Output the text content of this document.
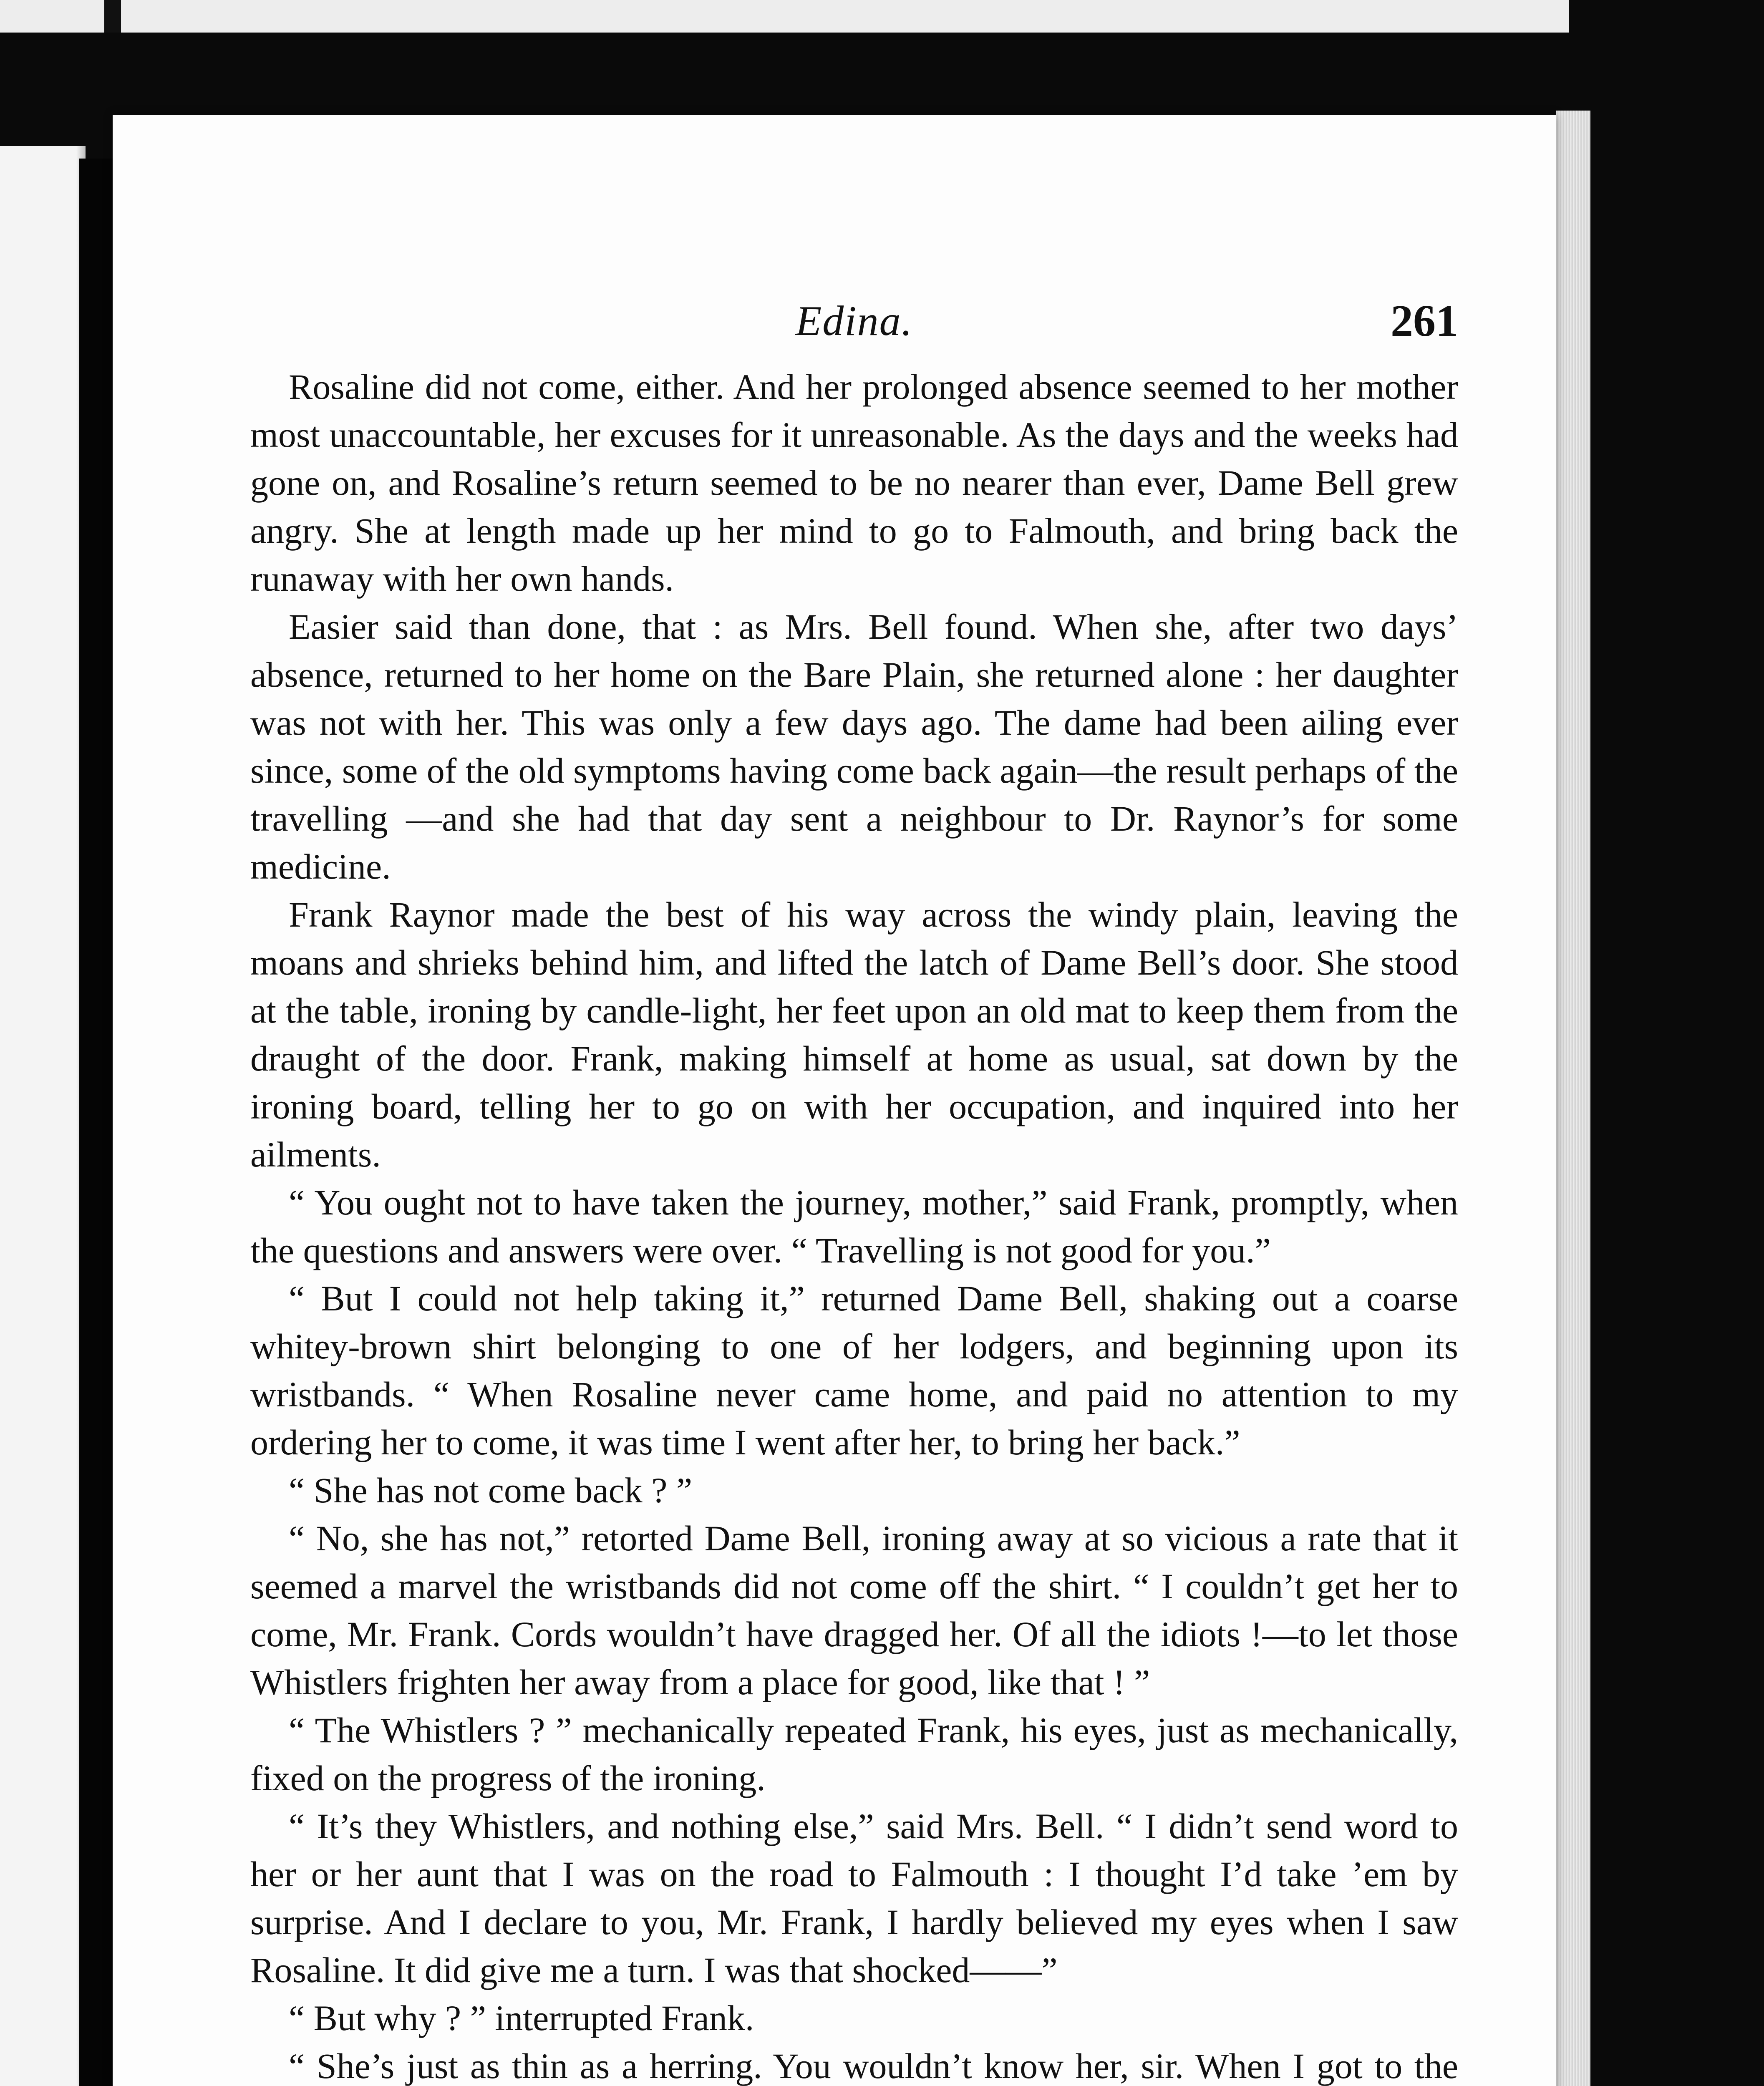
Edina.	261

Rosaline did not come, either. And her prolonged absence seemed to her mother most unaccountable, her excuses for it unreasonable. As the days and the weeks had gone on, and Rosaline’s return seemed to be no nearer than ever, Dame Bell grew angry. She at length made up her mind to go to Falmouth, and bring back the runaway with her own hands.

Easier said than done, that : as Mrs. Bell found. When she, after two days’ absence, returned to her home on the Bare Plain, she returned alone : her daughter was not with her. This was only a few days ago. The dame had been ailing ever since, some of the old symptoms having come back again—the result perhaps of the travelling —and she had that day sent a neighbour to Dr. Raynor’s for some medicine.

Frank Raynor made the best of his way across the windy plain, leaving the moans and shrieks behind him, and lifted the latch of Dame Bell’s door. She stood at the table, ironing by candle-light, her feet upon an old mat to keep them from the draught of the door. Frank, making himself at home as usual, sat down by the ironing board, telling her to go on with her occupation, and inquired into her ailments.

“ You ought not to have taken the journey, mother,” said Frank, promptly, when the questions and answers were over. “ Travelling is not good for you.”

“ But I could not help taking it,” returned Dame Bell, shaking out a coarse whitey-brown shirt belonging to one of her lodgers, and beginning upon its wristbands. “ When Rosaline never came home, and paid no attention to my ordering her to come, it was time I went after her, to bring her back.”

“ She has not come back ? ”

“ No, she has not,” retorted Dame Bell, ironing away at so vicious a rate that it seemed a marvel the wristbands did not come off the shirt. “ I couldn’t get her to come, Mr. Frank. Cords wouldn’t have dragged her. Of all the idiots !—to let those Whistlers frighten her away from a place for good, like that ! ”

“ The Whistlers ? ” mechanically repeated Frank, his eyes, just as mechanically, fixed on the progress of the ironing.

“ It’s they Whistlers, and nothing else,” said Mrs. Bell. “ I didn’t send word to her or her aunt that I was on the road to Falmouth : I thought I’d take ’em by surprise. And I declare to you, Mr. Frank, I hardly believed my eyes when I saw Rosaline. It did give me a turn. I was that shocked——”

“ But why ? ” interrupted Frank.

“ She’s just as thin as a herring. You wouldn’t know her, sir. When I got to the
